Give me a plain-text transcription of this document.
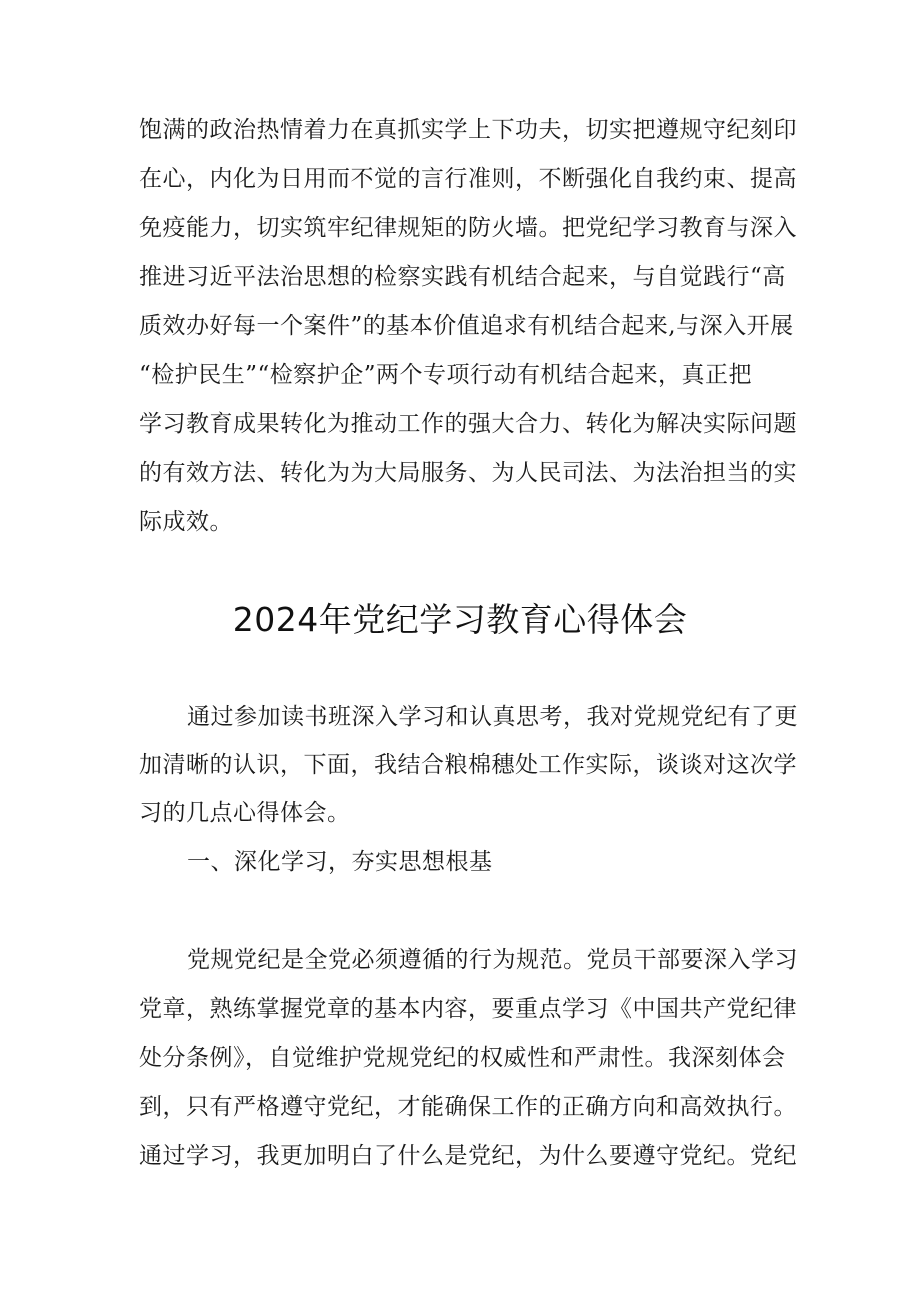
饱满的政治热情着力在真抓实学上下功夫，切实把遵规守纪刻印
在心，内化为日用而不觉的言行准则，不断强化自我约束、提高
免疫能力，切实筑牢纪律规矩的防火墙。把党纪学习教育与深入
推进习近平法治思想的检察实践有机结合起来，与自觉践行“高
质效办好每一个案件”的基本价值追求有机结合起来,与深入开展
“检护民生”“检察护企”两个专项行动有机结合起来，真正把
学习教育成果转化为推动工作的强大合力、转化为解决实际问题
的有效方法、转化为为大局服务、为人民司法、为法治担当的实
际成效。
2024年党纪学习教育心得体会
通过参加读书班深入学习和认真思考，我对党规党纪有了更
加清晰的认识，下面，我结合粮棉穗处工作实际，谈谈对这次学
习的几点心得体会。
一、深化学习，夯实思想根基
党规党纪是全党必须遵循的行为规范。党员干部要深入学习
党章，熟练掌握党章的基本内容，要重点学习《中国共产党纪律
处分条例》，自觉维护党规党纪的权威性和严肃性。我深刻体会
到，只有严格遵守党纪，才能确保工作的正确方向和高效执行。
通过学习，我更加明白了什么是党纪，为什么要遵守党纪。党纪
